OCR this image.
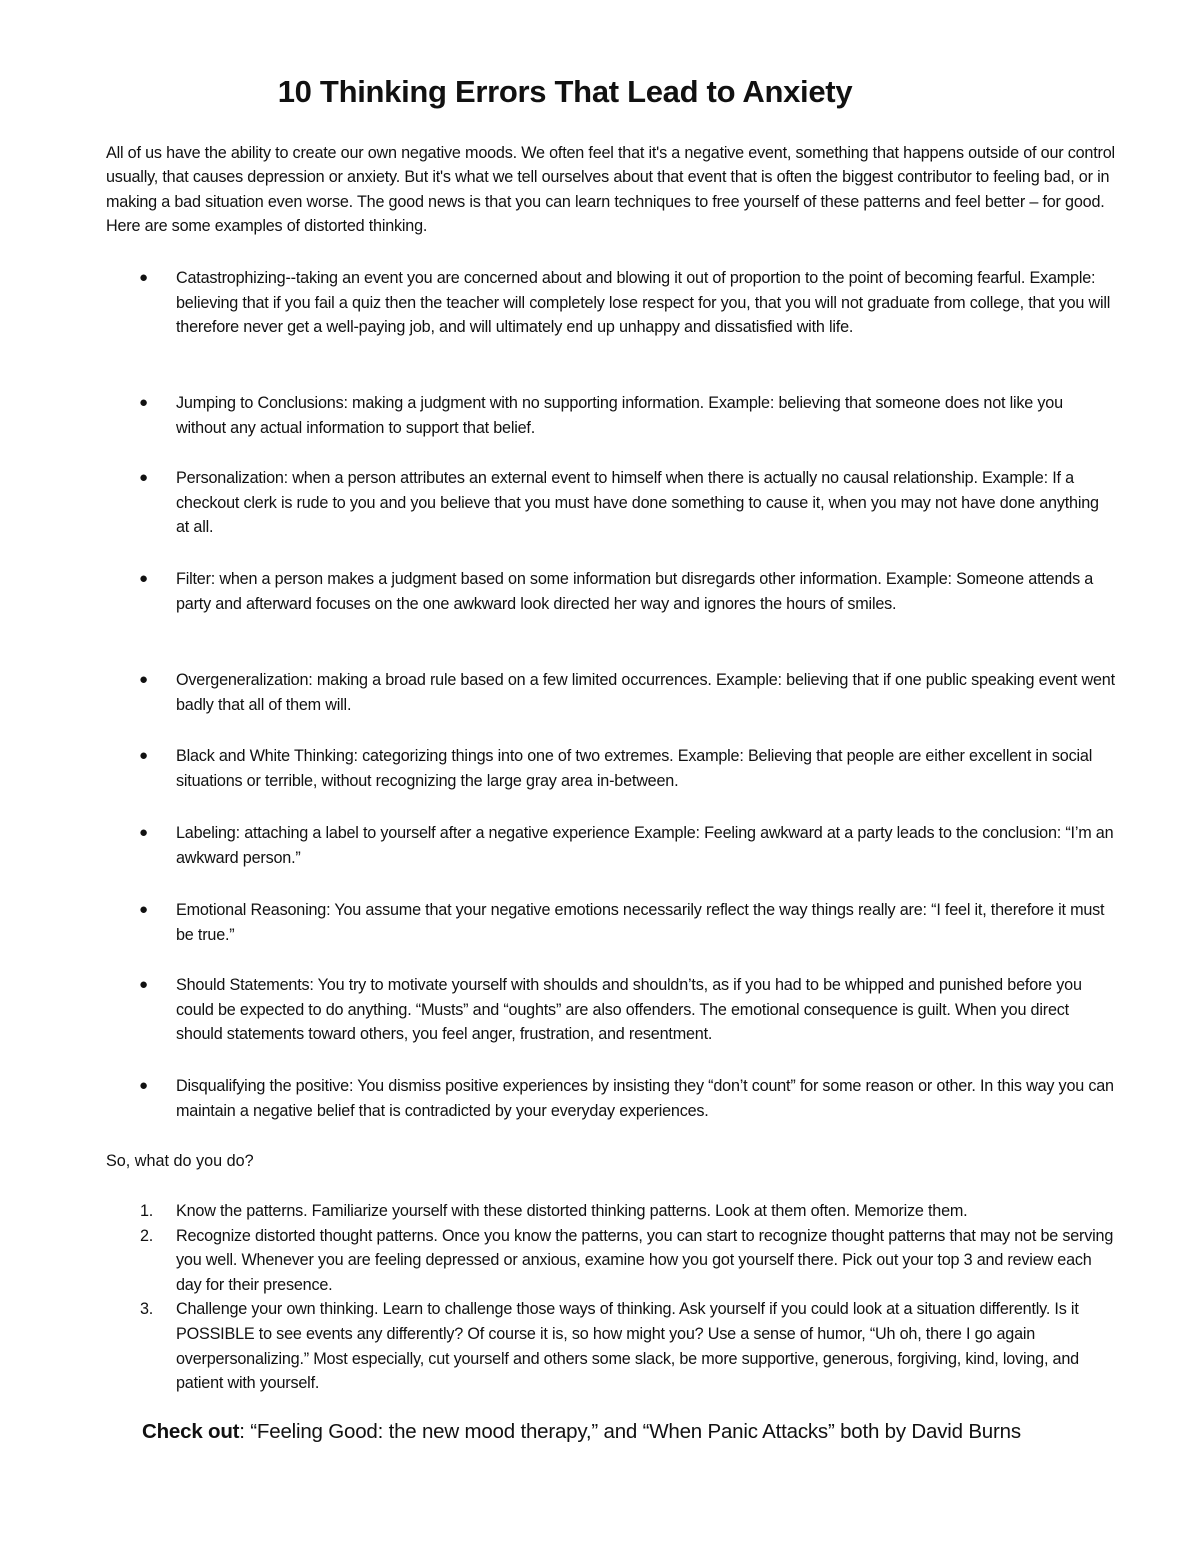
10 Thinking Errors That Lead to Anxiety
All of us have the ability to create our own negative moods. We often feel that it's a negative event, something that happens outside of our control usually, that causes depression or anxiety. But it's what we tell ourselves about that event that is often the biggest contributor to feeling bad, or in making a bad situation even worse. The good news is that you can learn techniques to free yourself of these patterns and feel better – for good. Here are some examples of distorted thinking.
● Catastrophizing--taking an event you are concerned about and blowing it out of proportion to the point of becoming fearful. Example: believing that if you fail a quiz then the teacher will completely lose respect for you, that you will not graduate from college, that you will therefore never get a well-paying job, and will ultimately end up unhappy and dissatisfied with life.
● Jumping to Conclusions: making a judgment with no supporting information. Example: believing that someone does not like you without any actual information to support that belief.
● Personalization: when a person attributes an external event to himself when there is actually no causal relationship. Example: If a checkout clerk is rude to you and you believe that you must have done something to cause it, when you may not have done anything at all.
● Filter: when a person makes a judgment based on some information but disregards other information. Example: Someone attends a party and afterward focuses on the one awkward look directed her way and ignores the hours of smiles.
● Overgeneralization: making a broad rule based on a few limited occurrences. Example: believing that if one public speaking event went badly that all of them will.
● Black and White Thinking: categorizing things into one of two extremes. Example: Believing that people are either excellent in social situations or terrible, without recognizing the large gray area in-between.
● Labeling: attaching a label to yourself after a negative experience Example: Feeling awkward at a party leads to the conclusion: “I’m an awkward person.”
● Emotional Reasoning: You assume that your negative emotions necessarily reflect the way things really are: “I feel it, therefore it must be true.”
● Should Statements: You try to motivate yourself with shoulds and shouldn’ts, as if you had to be whipped and punished before you could be expected to do anything. “Musts” and “oughts” are also offenders. The emotional consequence is guilt. When you direct should statements toward others, you feel anger, frustration, and resentment.
● Disqualifying the positive: You dismiss positive experiences by insisting they “don’t count” for some reason or other. In this way you can maintain a negative belief that is contradicted by your everyday experiences.
So, what do you do?
1. Know the patterns. Familiarize yourself with these distorted thinking patterns. Look at them often. Memorize them.
2. Recognize distorted thought patterns. Once you know the patterns, you can start to recognize thought patterns that may not be serving you well. Whenever you are feeling depressed or anxious, examine how you got yourself there. Pick out your top 3 and review each day for their presence.
3. Challenge your own thinking. Learn to challenge those ways of thinking. Ask yourself if you could look at a situation differently. Is it POSSIBLE to see events any differently? Of course it is, so how might you? Use a sense of humor, “Uh oh, there I go again overpersonalizing.” Most especially, cut yourself and others some slack, be more supportive, generous, forgiving, kind, loving, and patient with yourself.
Check out: “Feeling Good: the new mood therapy,” and “When Panic Attacks” both by David Burns
